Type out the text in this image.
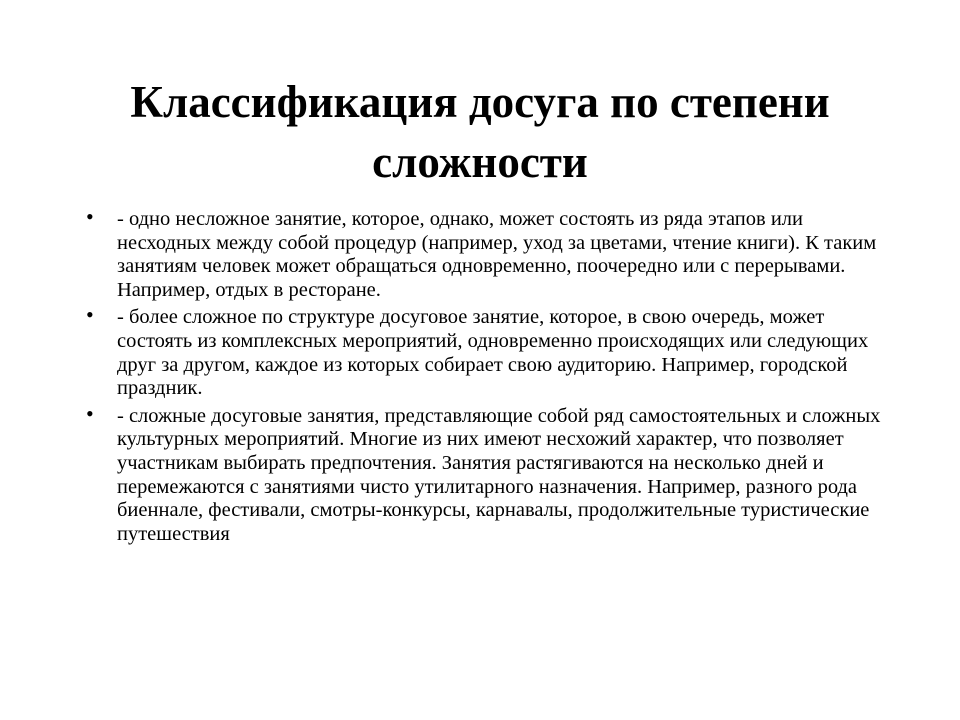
Классификация досуга по степени сложности
• - одно несложное занятие, которое, однако, может состоять из ряда этапов или несходных между собой процедур (например, уход за цветами, чтение книги). К таким занятиям человек может обращаться одновременно, поочередно или с перерывами. Например, отдых в ресторане.
• - более сложное по структуре досуговое занятие, которое, в свою очередь, может состоять из комплексных мероприятий, одновременно происходящих или следующих друг за другом, каждое из которых собирает свою аудиторию. Например, городской праздник.
• - сложные досуговые занятия, представляющие собой ряд самостоятельных и сложных культурных мероприятий. Многие из них имеют несхожий характер, что позволяет участникам выбирать предпочтения. Занятия растягиваются на несколько дней и перемежаются с занятиями чисто утилитарного назначения. Например, разного рода биеннале, фестивали, смотры-конкурсы, карнавалы, продолжительные туристические путешествия
